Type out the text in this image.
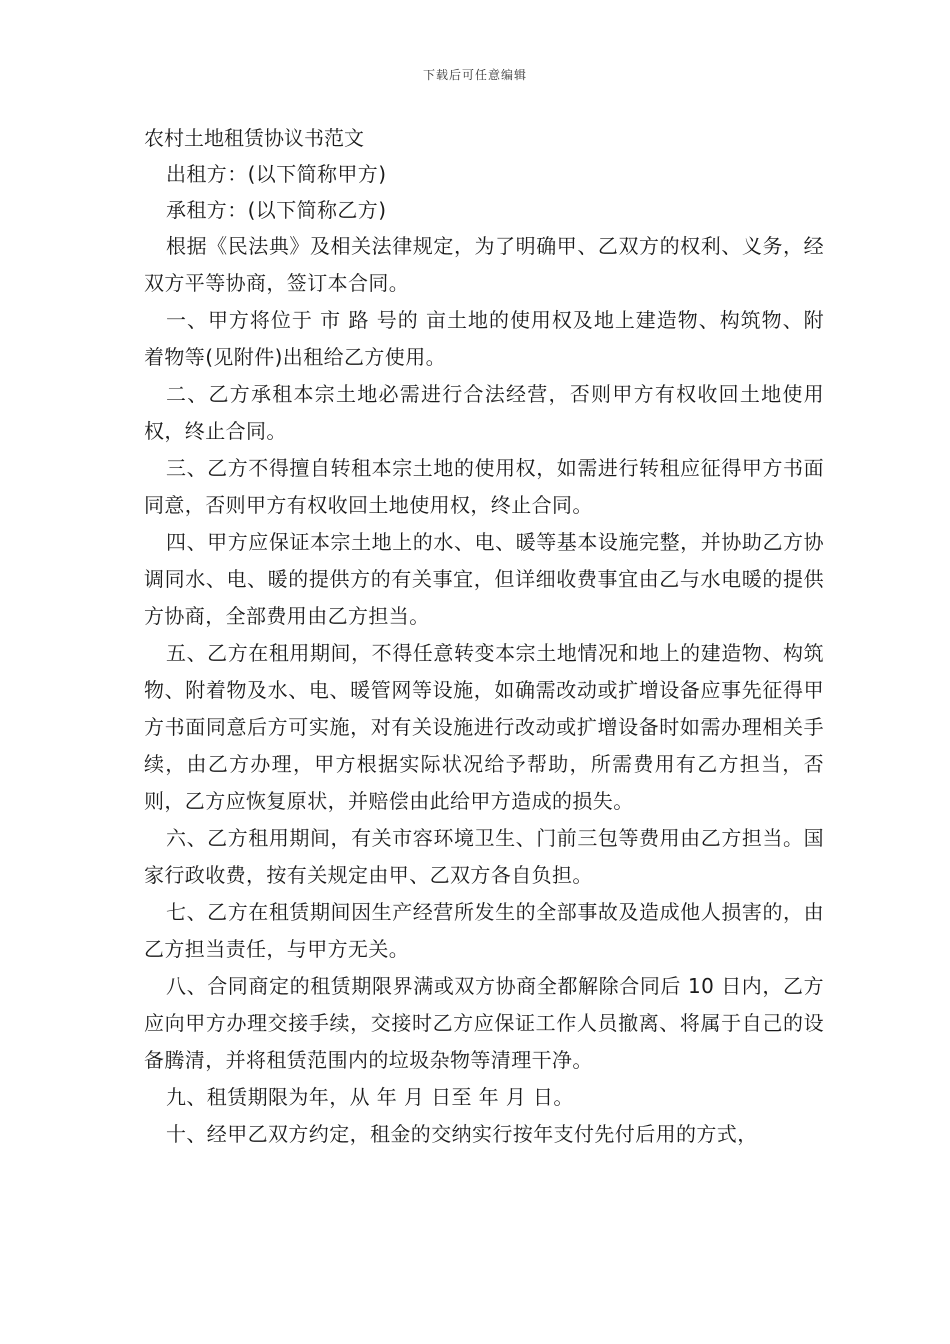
下载后可任意编辑

农村土地租赁协议书范文

出租方：(以下简称甲方)

承租方：(以下简称乙方)

根据《民法典》及相关法律规定，为了明确甲、乙双方的权利、义务，经双方平等协商，签订本合同。

一、甲方将位于 市 路 号的 亩土地的使用权及地上建造物、构筑物、附着物等(见附件)出租给乙方使用。

二、乙方承租本宗土地必需进行合法经营，否则甲方有权收回土地使用权，终止合同。

三、乙方不得擅自转租本宗土地的使用权，如需进行转租应征得甲方书面同意，否则甲方有权收回土地使用权，终止合同。

四、甲方应保证本宗土地上的水、电、暖等基本设施完整，并协助乙方协调同水、电、暖的提供方的有关事宜，但详细收费事宜由乙与水电暖的提供方协商，全部费用由乙方担当。

五、乙方在租用期间，不得任意转变本宗土地情况和地上的建造物、构筑物、附着物及水、电、暖管网等设施，如确需改动或扩增设备应事先征得甲方书面同意后方可实施，对有关设施进行改动或扩增设备时如需办理相关手续，由乙方办理，甲方根据实际状况给予帮助，所需费用有乙方担当，否则，乙方应恢复原状，并赔偿由此给甲方造成的损失。

六、乙方租用期间，有关市容环境卫生、门前三包等费用由乙方担当。国家行政收费，按有关规定由甲、乙双方各自负担。

七、乙方在租赁期间因生产经营所发生的全部事故及造成他人损害的，由乙方担当责任，与甲方无关。

八、合同商定的租赁期限界满或双方协商全都解除合同后 10 日内，乙方应向甲方办理交接手续，交接时乙方应保证工作人员撤离、将属于自己的设备腾清，并将租赁范围内的垃圾杂物等清理干净。

九、租赁期限为年，从 年 月 日至 年 月 日。

十、经甲乙双方约定，租金的交纳实行按年支付先付后用的方式，
